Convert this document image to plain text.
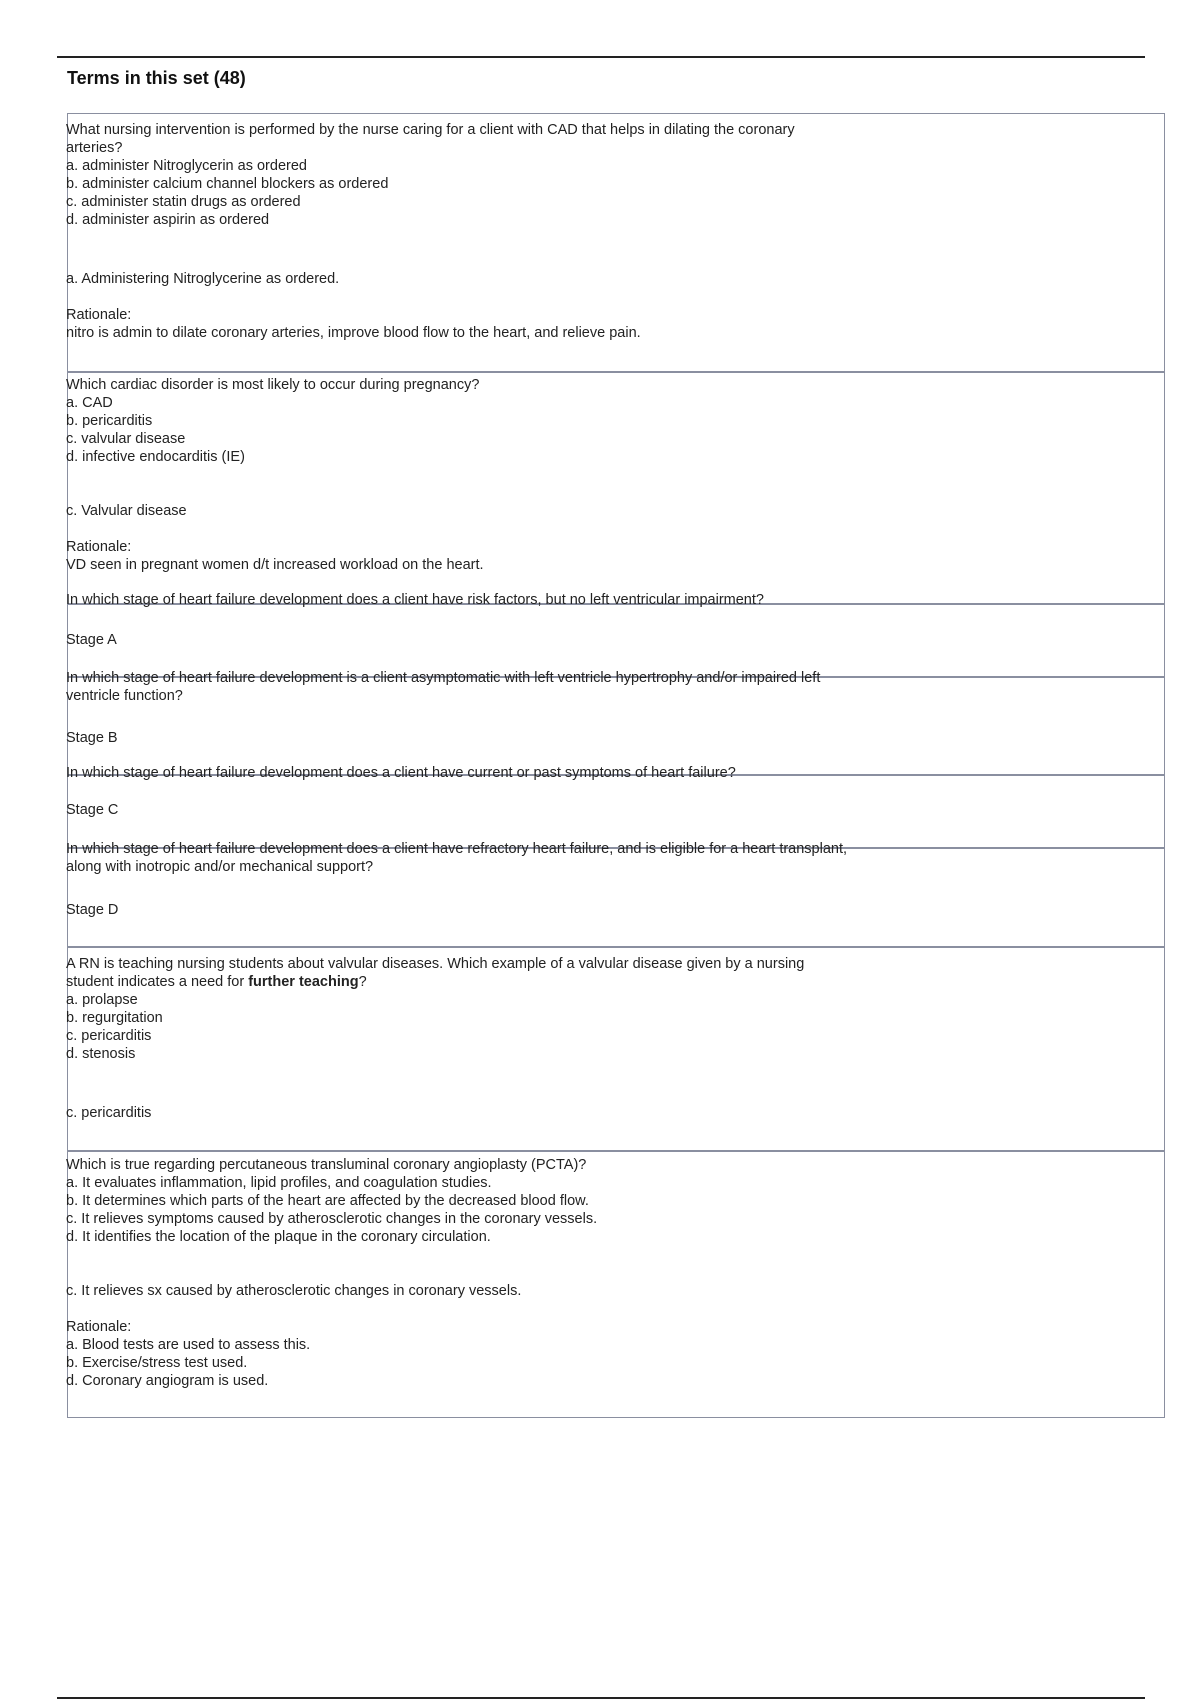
Terms in this set (48)
What nursing intervention is performed by the nurse caring for a client with CAD that helps in dilating the coronary
arteries?
a. administer Nitroglycerin as ordered
b. administer calcium channel blockers as ordered
c. administer statin drugs as ordered
d. administer aspirin as ordered
a. Administering Nitroglycerine as ordered.

Rationale:
nitro is admin to dilate coronary arteries, improve blood flow to the heart, and relieve pain.
Which cardiac disorder is most likely to occur during pregnancy?
a. CAD
b. pericarditis
c. valvular disease
d. infective endocarditis (IE)
c. Valvular disease

Rationale:
VD seen in pregnant women d/t increased workload on the heart.
In which stage of heart failure development does a client have risk factors, but no left ventricular impairment?
Stage A
In which stage of heart failure development is a client asymptomatic with left ventricle hypertrophy and/or impaired left
ventricle function?
Stage B
In which stage of heart failure development does a client have current or past symptoms of heart failure?
Stage C
In which stage of heart failure development does a client have refractory heart failure, and is eligible for a heart transplant,
along with inotropic and/or mechanical support?
Stage D
A RN is teaching nursing students about valvular diseases. Which example of a valvular disease given by a nursing
student indicates a need for further teaching?
a. prolapse
b. regurgitation
c. pericarditis
d. stenosis
c. pericarditis
Which is true regarding percutaneous transluminal coronary angioplasty (PCTA)?
a. It evaluates inflammation, lipid profiles, and coagulation studies.
b. It determines which parts of the heart are affected by the decreased blood flow.
c. It relieves symptoms caused by atherosclerotic changes in the coronary vessels.
d. It identifies the location of the plaque in the coronary circulation.
c. It relieves sx caused by atherosclerotic changes in coronary vessels.

Rationale:
a. Blood tests are used to assess this.
b. Exercise/stress test used.
d. Coronary angiogram is used.
